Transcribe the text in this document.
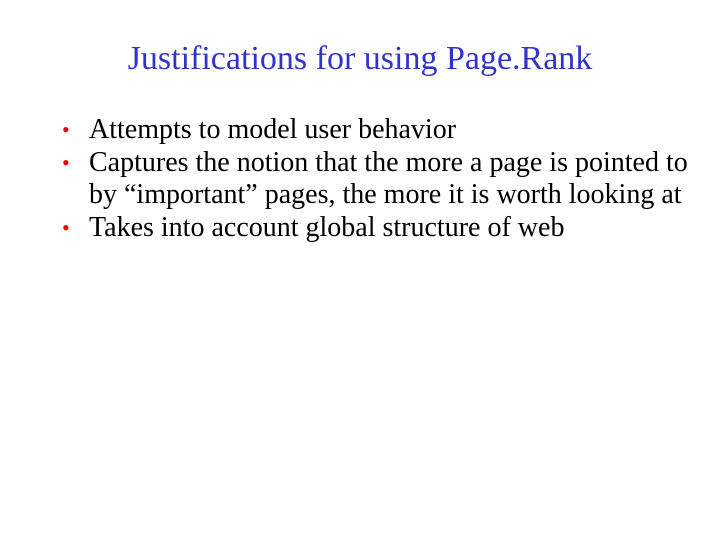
Justifications for using Page.Rank
• Attempts to model user behavior
• Captures the notion that the more a page is pointed to by “important” pages, the more it is worth looking at
• Takes into account global structure of web
